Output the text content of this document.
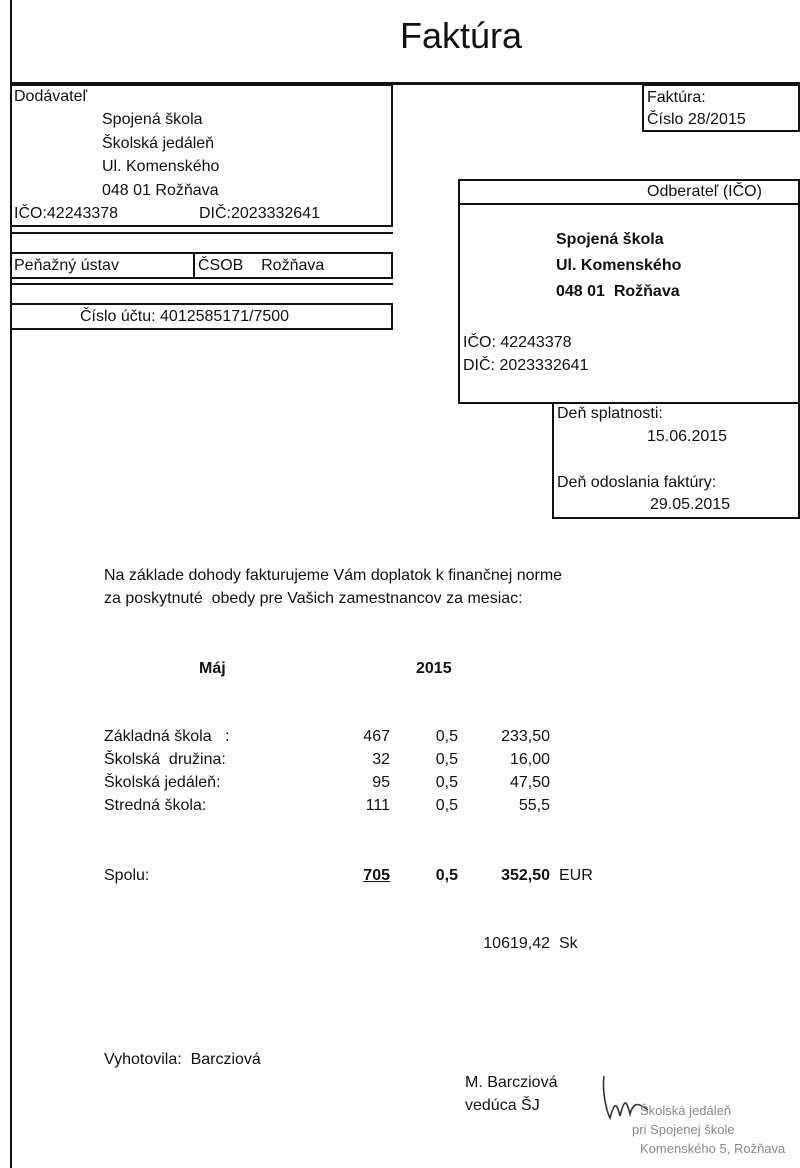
Faktúra
Dodávateľ
Spojená škola
Školská jedáleň
Ul. Komenského
048 01 Rožňava
IČO:42243378	DIČ:2023332641
Peňažný ústav	ČSOB    Rožňava
Číslo účtu: 4012585171/7500
Faktúra:
Číslo 28/2015
Odberateľ (IČO)
Spojená škola
Ul. Komenského
048 01  Rožňava
IČO: 42243378
DIČ: 2023332641
Deň splatnosti:
15.06.2015
Deň odoslania faktúry:
29.05.2015
Na základe dohody fakturujeme Vám doplatok k finančnej norme
za poskytnuté  obedy pre Vašich zamestnancov za mesiac:
Máj	2015
Základná škola   :	467	0,5	233,50
Školská  družina:	32	0,5	16,00
Školská jedáleň:	95	0,5	47,50
Stredná škola:	111	0,5	55,5
Spolu:	705	0,5	352,50 EUR
10619,42 Sk
Vyhotovila:  Barcziová
M. Barcziová
vedúca ŠJ	Školská jedáleň
pri Spojenej škole
Komenského 5, Rožňava
